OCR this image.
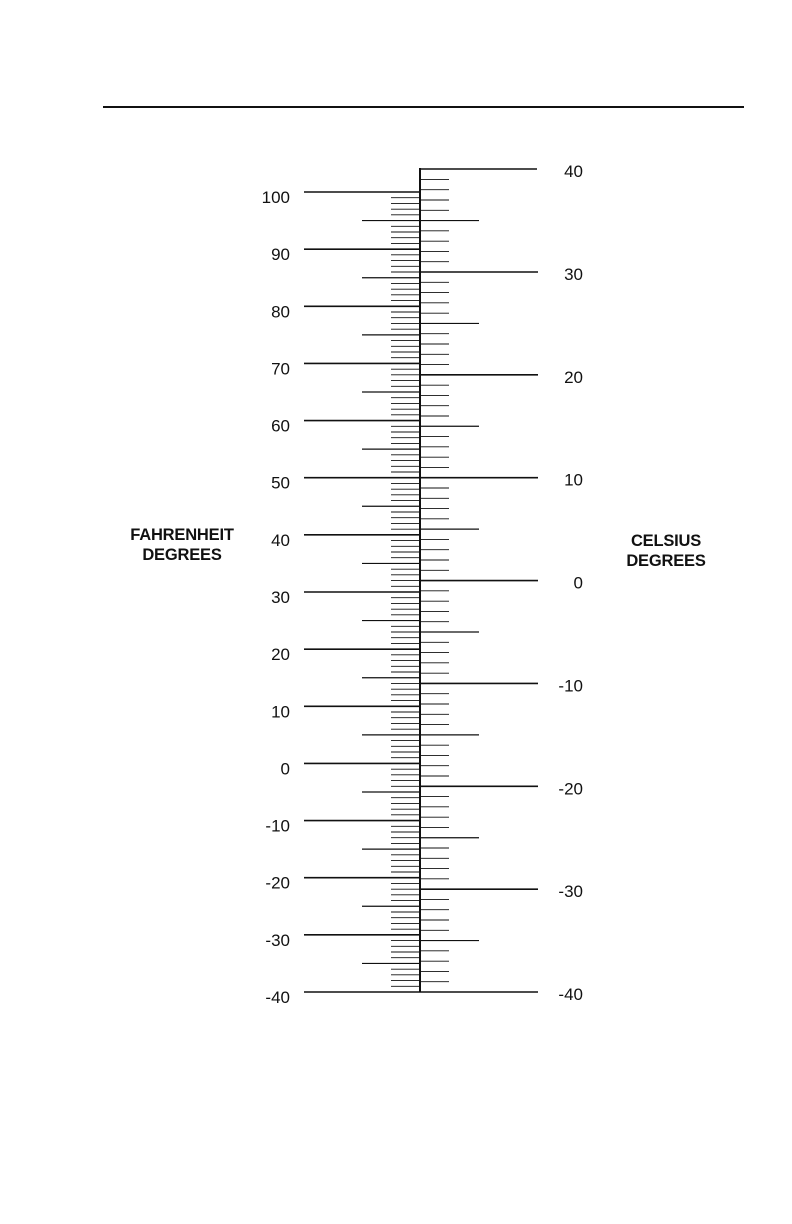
FAHRENHEIT
DEGREES
CELSIUS
DEGREES
100
90
80
70
60
50
40
30
20
10
0
-10
-20
-30
-40
40
30
20
10
0
-10
-20
-30
-40
